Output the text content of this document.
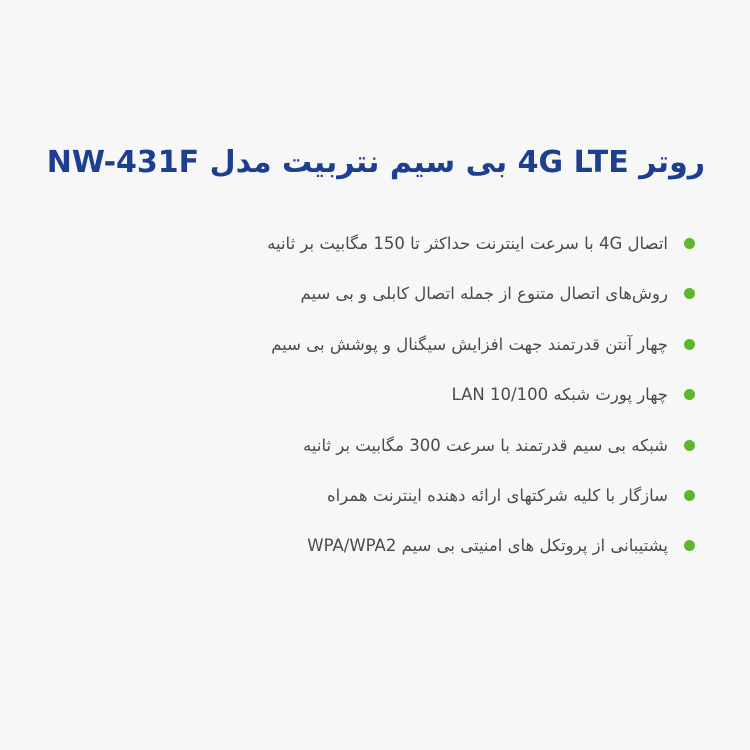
روتر 4G LTE بی سیم نتربیت مدل NW-431F
اتصال 4G با سرعت اینترنت حداکثر تا 150 مگابیت بر ثانیه
روش‌های اتصال متنوع از جمله اتصال کابلی و بی سیم
چهار آنتن قدرتمند جهت افزایش سیگنال و پوشش بی سیم
چهار پورت شبکه LAN 10/100
شبکه بی سیم قدرتمند با سرعت 300 مگابیت بر ثانیه
سازگار با کلیه شرکتهای ارائه دهنده اینترنت همراه
پشتیبانی از پروتکل های امنیتی بی سیم WPA/WPA2
